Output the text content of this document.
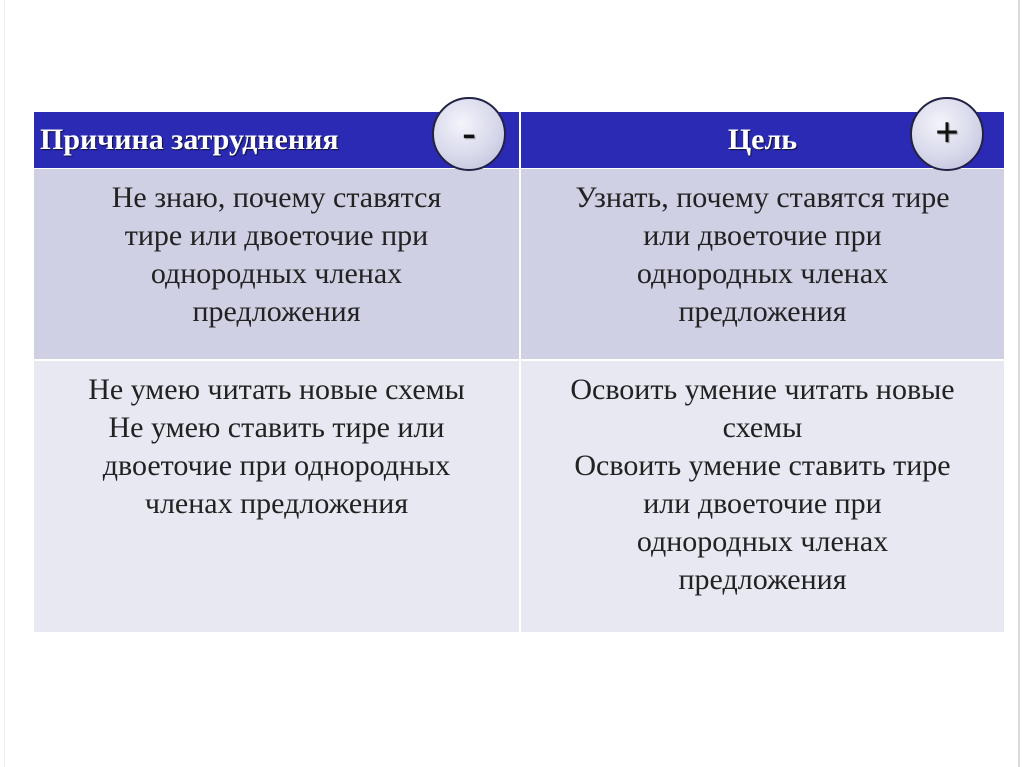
Причина затруднения	Цель
Не знаю, почему ставятся
тире или двоеточие при
однородных членах
предложения
Узнать, почему ставятся тире
или двоеточие при
однородных членах
предложения
Не умею читать новые схемы
Не умею ставить тире или
двоеточие при однородных
членах предложения
Освоить умение читать новые
схемы
Освоить умение ставить тире
или двоеточие при
однородных членах
предложения
-	+
